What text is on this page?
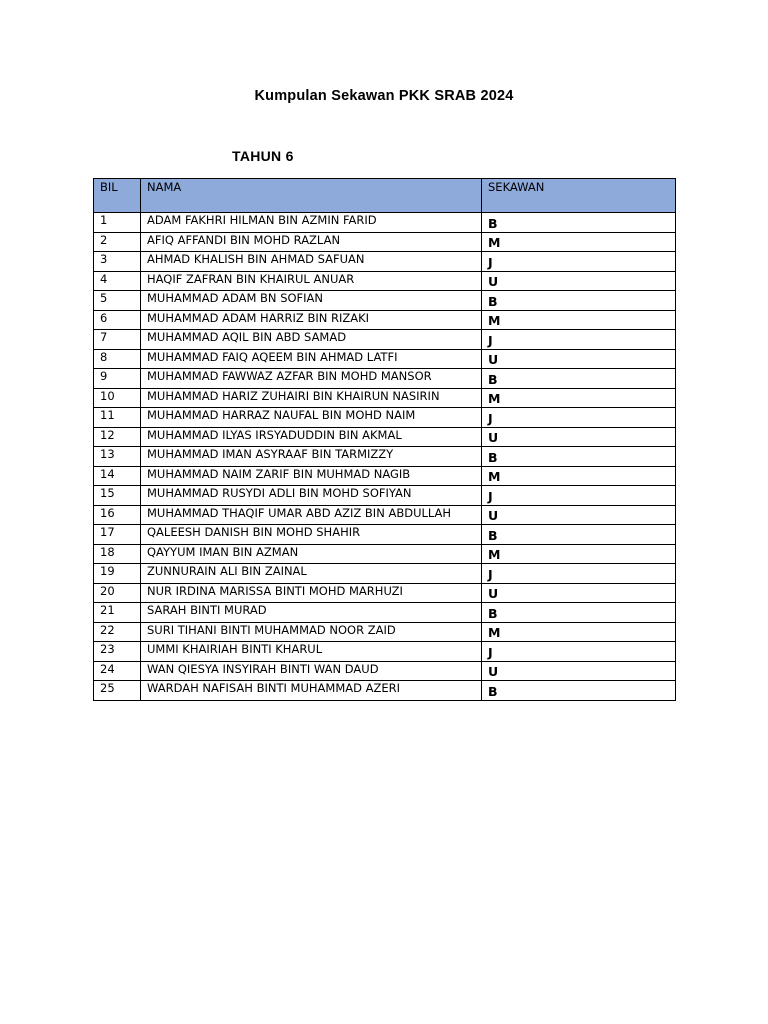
Kumpulan Sekawan PKK SRAB 2024
TAHUN 6
BIL	NAMA	SEKAWAN
1	ADAM FAKHRI HILMAN BIN AZMIN FARID	B
2	AFIQ AFFANDI BIN MOHD RAZLAN	M
3	AHMAD KHALISH BIN AHMAD SAFUAN	J
4	HAQIF ZAFRAN BIN KHAIRUL ANUAR	U
5	MUHAMMAD ADAM BN SOFIAN	B
6	MUHAMMAD ADAM HARRIZ BIN RIZAKI	M
7	MUHAMMAD AQIL BIN ABD SAMAD	J
8	MUHAMMAD FAIQ AQEEM BIN AHMAD LATFI	U
9	MUHAMMAD FAWWAZ AZFAR BIN MOHD MANSOR	B
10	MUHAMMAD HARIZ ZUHAIRI BIN KHAIRUN NASIRIN	M
11	MUHAMMAD HARRAZ NAUFAL BIN MOHD NAIM	J
12	MUHAMMAD ILYAS IRSYADUDDIN BIN AKMAL	U
13	MUHAMMAD IMAN ASYRAAF BIN TARMIZZY	B
14	MUHAMMAD NAIM ZARIF BIN MUHMAD NAGIB	M
15	MUHAMMAD RUSYDI ADLI BIN MOHD SOFIYAN	J
16	MUHAMMAD THAQIF UMAR ABD AZIZ BIN ABDULLAH	U
17	QALEESH DANISH BIN MOHD SHAHIR	B
18	QAYYUM IMAN BIN AZMAN	M
19	ZUNNURAIN ALI BIN ZAINAL	J
20	NUR IRDINA MARISSA BINTI MOHD MARHUZI	U
21	SARAH BINTI MURAD	B
22	SURI TIHANI BINTI MUHAMMAD NOOR ZAID	M
23	UMMI KHAIRIAH BINTI KHARUL	J
24	WAN QIESYA INSYIRAH BINTI WAN DAUD	U
25	WARDAH NAFISAH BINTI MUHAMMAD AZERI	B
